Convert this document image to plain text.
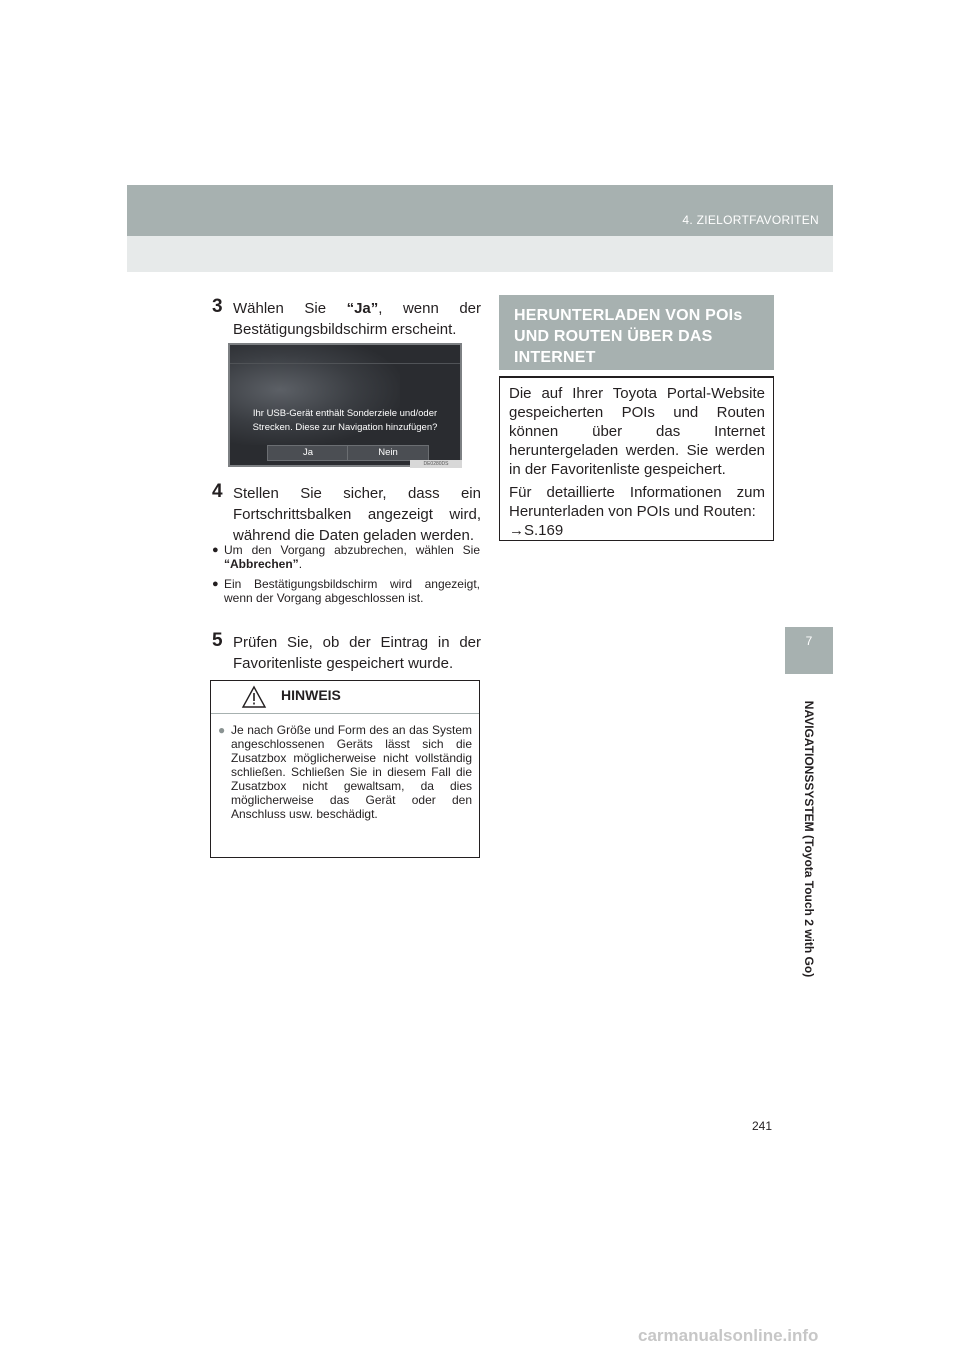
4. ZIELORTFAVORITEN
7
NAVIGATIONSSYSTEM (Toyota Touch 2 with Go)
3 Wählen Sie “Ja”, wenn der Bestätigungsbildschirm erscheint.
Ihr USB-Gerät enthält Sonderziele und/oder
Strecken. Diese zur Navigation hinzufügen?
Ja	Nein
DE0280DS
4 Stellen Sie sicher, dass ein Fortschrittsbalken angezeigt wird, während die Daten geladen werden.
● Um den Vorgang abzubrechen, wählen Sie “Abbrechen”.
● Ein Bestätigungsbildschirm wird angezeigt, wenn der Vorgang abgeschlossen ist.
5 Prüfen Sie, ob der Eintrag in der Favoritenliste gespeichert wurde.
HINWEIS
● Je nach Größe und Form des an das System angeschlossenen Geräts lässt sich die Zusatzbox möglicherweise nicht vollständig schließen. Schließen Sie in diesem Fall die Zusatzbox nicht gewaltsam, da dies möglicherweise das Gerät oder den Anschluss usw. beschädigt.
HERUNTERLADEN VON POIs UND ROUTEN ÜBER DAS INTERNET
Die auf Ihrer Toyota Portal-Website gespeicherten POIs und Routen können über das Internet heruntergeladen werden. Sie werden in der Favoritenliste gespeichert.
Für detaillierte Informationen zum Herunterladen von POIs und Routen:
→S.169
241
carmanualsonline.info
